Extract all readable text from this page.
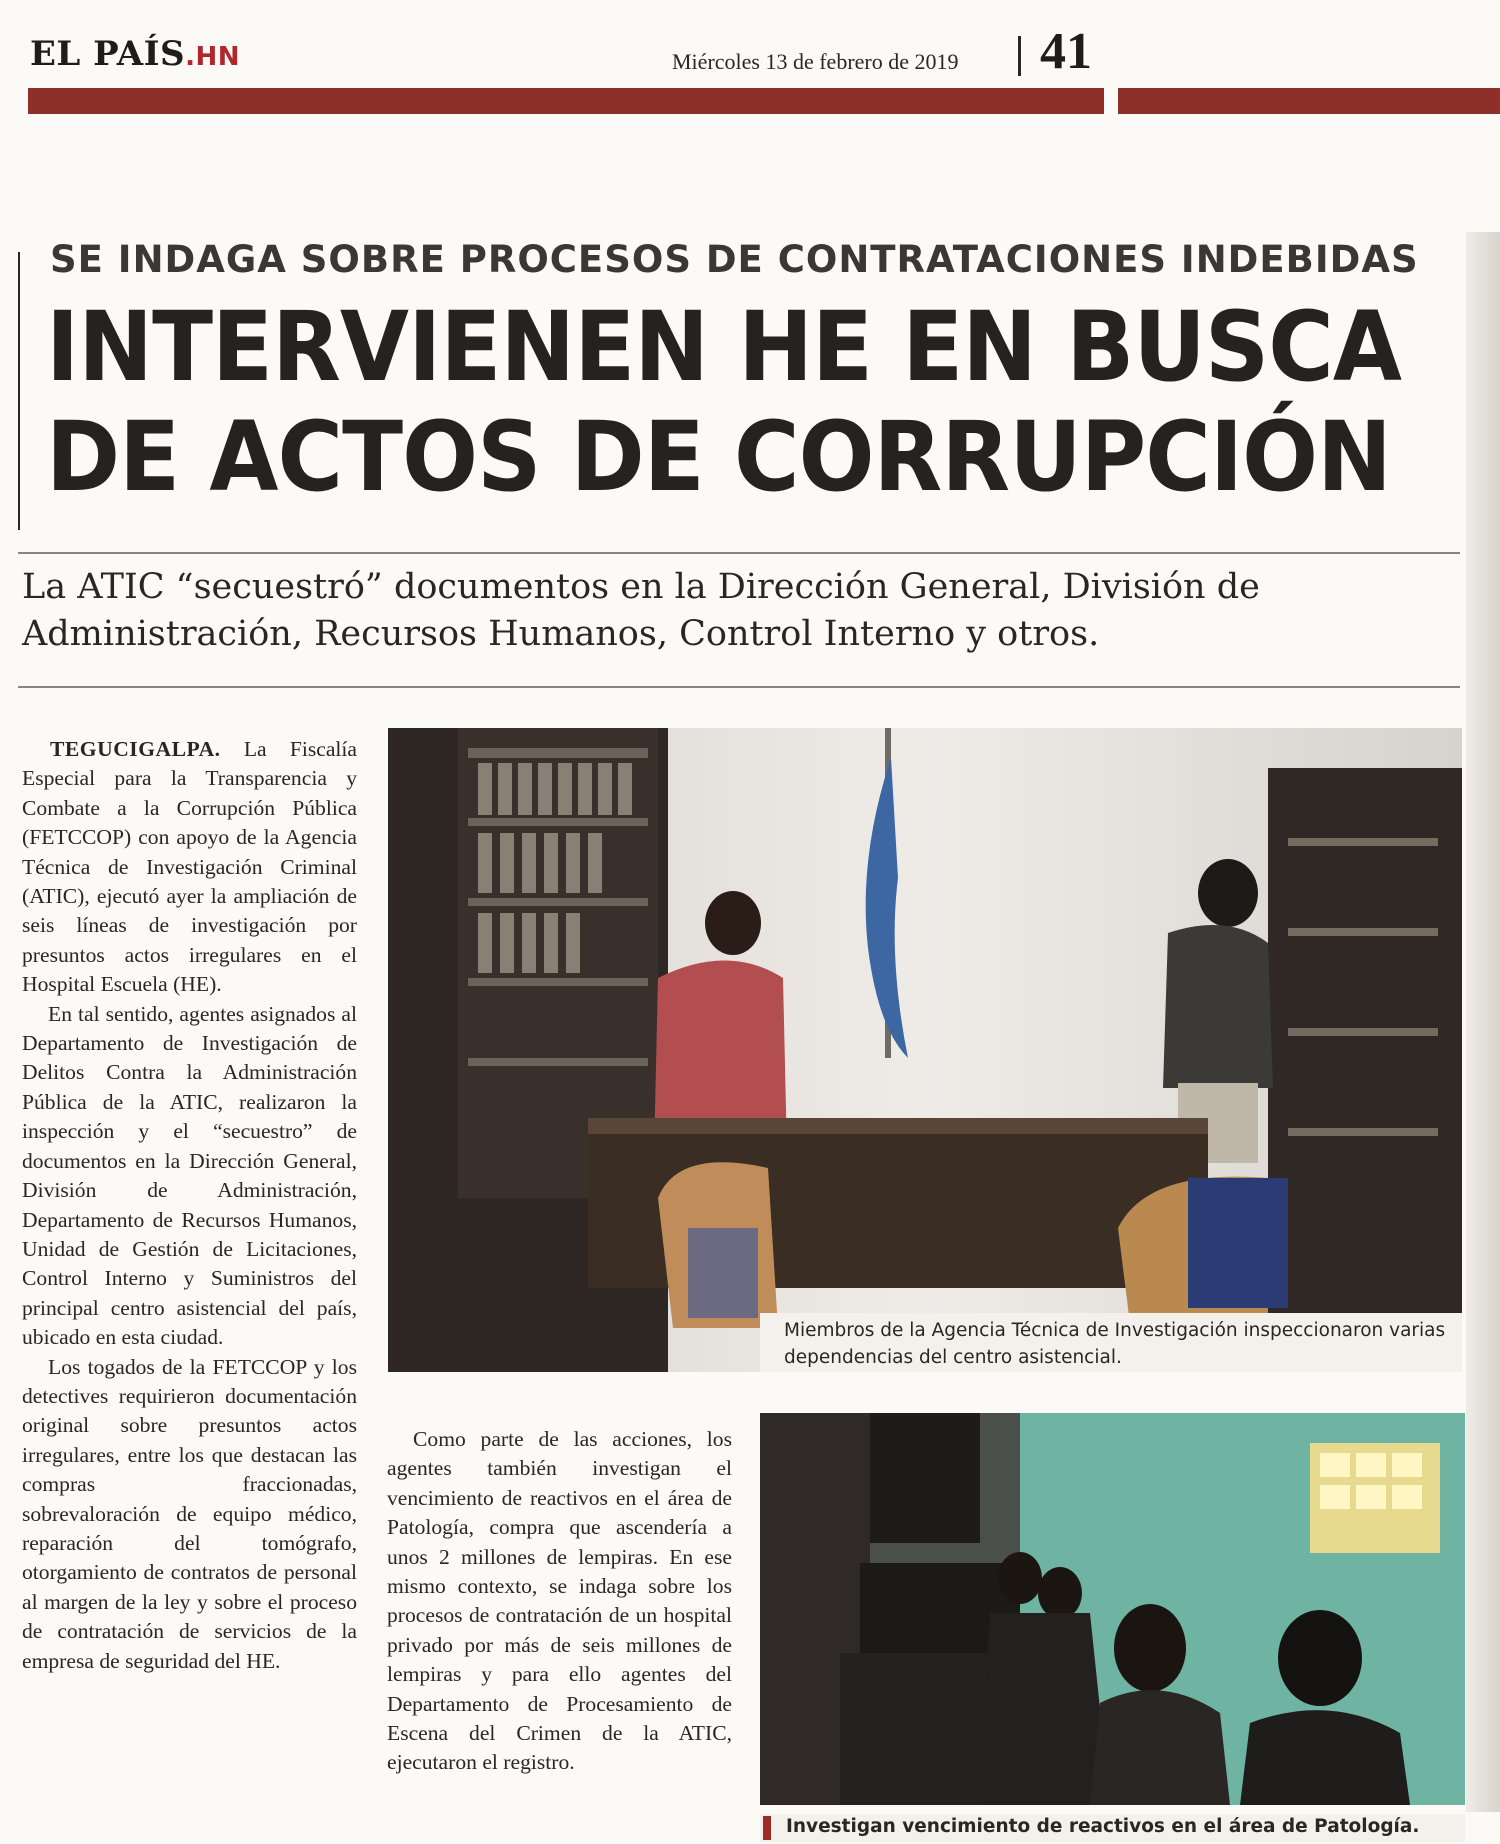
EL PAÍS.HN	Miércoles 13 de febrero de 2019 41
SE INDAGA SOBRE PROCESOS DE CONTRATACIONES INDEBIDAS
INTERVIENEN HE EN BUSCA
DE ACTOS DE CORRUPCIÓN
La ATIC “secuestró” documentos en la Dirección General, División de Administración, Recursos Humanos, Control Interno y otros.

TEGUCIGALPA. La Fiscalía Especial para la Transparencia y Combate a la Corrupción Pública (FETCCOP) con apoyo de la Agencia Técnica de Investigación Criminal (ATIC), ejecutó ayer la ampliación de seis líneas de investigación por presuntos actos irregulares en el Hospital Escuela (HE).

En tal sentido, agentes asignados al Departamento de Investigación de Delitos Contra la Administración Pública de la ATIC, realizaron la inspección y el “secuestro” de documentos en la Dirección General, División de Administración, Departamento de Recursos Humanos, Unidad de Gestión de Licitaciones, Control Interno y Suministros del principal centro asistencial del país, ubicado en esta ciudad.

Los togados de la FETCCOP y los detectives requirieron documentación original sobre presuntos actos irregulares, entre los que destacan las compras fraccionadas, sobrevaloración de equipo médico, reparación del tomógrafo, otorgamiento de contratos de personal al margen de la ley y sobre el proceso de contratación de servicios de la empresa de seguridad del HE.

Miembros de la Agencia Técnica de Investigación inspeccionaron varias dependencias del centro asistencial.

Como parte de las acciones, los agentes también investigan el vencimiento de reactivos en el área de Patología, compra que ascendería a unos 2 millones de lempiras. En ese mismo contexto, se indaga sobre los procesos de contratación de un hospital privado por más de seis millones de lempiras y para ello agentes del Departamento de Procesamiento de Escena del Crimen de la ATIC, ejecutaron el registro.

Investigan vencimiento de reactivos en el área de Patología.
